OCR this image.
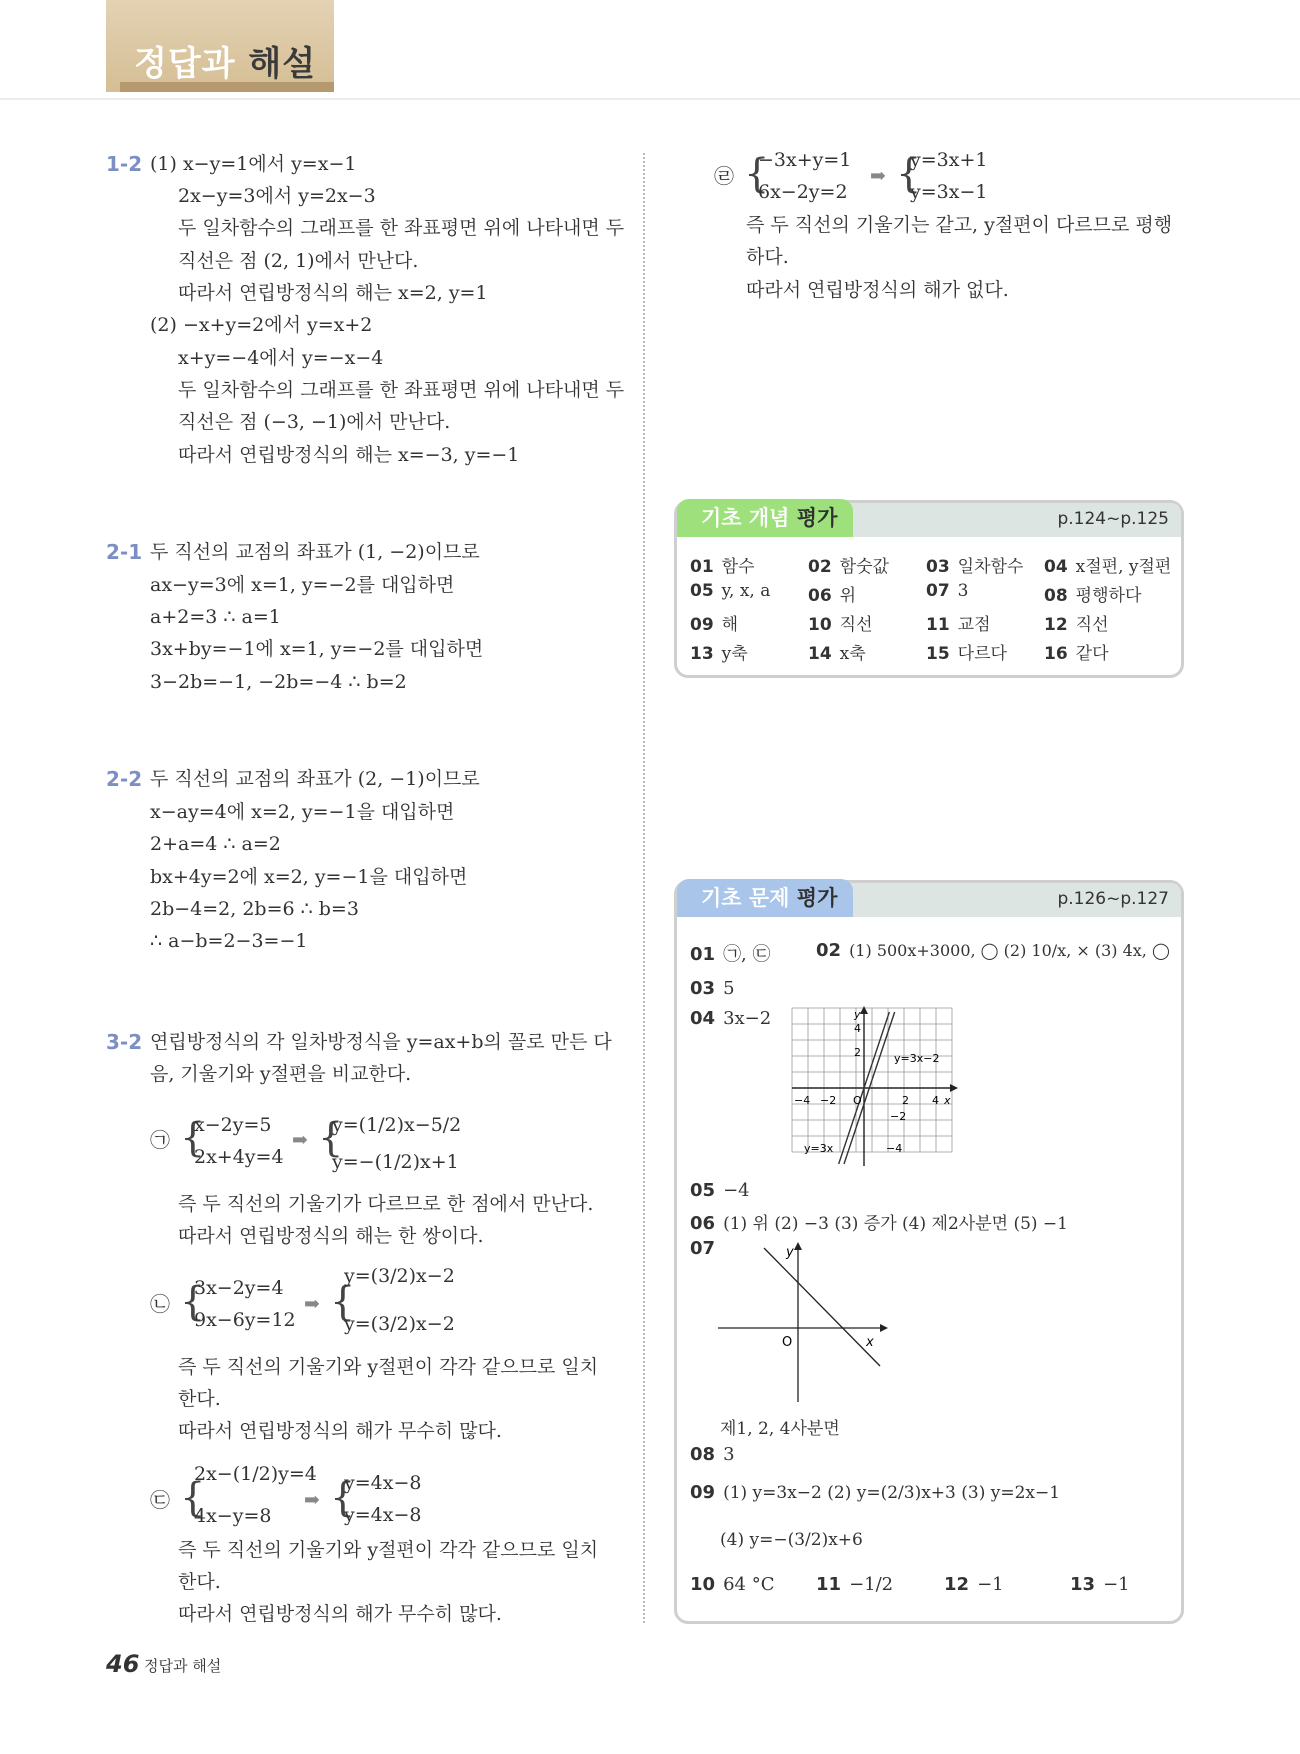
정답과 해설
1-2 (1) x−y=1에서 y=x−1
2x−y=3에서 y=2x−3
두 일차함수의 그래프를 한 좌표평면 위에 나타내면 두
직선은 점 (2, 1)에서 만난다.
따라서 연립방정식의 해는 x=2, y=1
(2) −x+y=2에서 y=x+2
x+y=−4에서 y=−x−4
두 일차함수의 그래프를 한 좌표평면 위에 나타내면 두
직선은 점 (−3, −1)에서 만난다.
따라서 연립방정식의 해는 x=−3, y=−1
2-1 두 직선의 교점의 좌표가 (1, −2)이므로
ax−y=3에 x=1, y=−2를 대입하면
a+2=3 ∴ a=1
3x+by=−1에 x=1, y=−2를 대입하면
3−2b=−1, −2b=−4 ∴ b=2
2-2 두 직선의 교점의 좌표가 (2, −1)이므로
x−ay=4에 x=2, y=−1을 대입하면
2+a=4 ∴ a=2
bx+4y=2에 x=2, y=−1을 대입하면
2b−4=2, 2b=6 ∴ b=3
∴ a−b=2−3=−1
3-2 연립방정식의 각 일차방정식을 y=ax+b의 꼴로 만든 다
음, 기울기와 y절편을 비교한다.
㉠ {
x−2y=5
2x+4y=4
➡ {
y=(1/2)x−5/2
y=−(1/2)x+1
즉 두 직선의 기울기가 다르므로 한 점에서 만난다.
따라서 연립방정식의 해는 한 쌍이다.
㉡ {
3x−2y=4
9x−6y=12
➡ {
y=(3/2)x−2
y=(3/2)x−2
즉 두 직선의 기울기와 y절편이 각각 같으므로 일치
한다.
따라서 연립방정식의 해가 무수히 많다.
㉢ {
2x−(1/2)y=4
4x−y=8
➡ {
y=4x−8
y=4x−8
즉 두 직선의 기울기와 y절편이 각각 같으므로 일치
한다.
따라서 연립방정식의 해가 무수히 많다.
㉣ {
−3x+y=1
6x−2y=2
➡ {
y=3x+1
y=3x−1
즉 두 직선의 기울기는 같고, y절편이 다르므로 평행
하다.
따라서 연립방정식의 해가 없다.
기초 개념 평가	p.124~p.125
01 함수	02 함숫값 03 일차함수 04 x절편, y절편
05 y, x, a 06 위	07 3	08 평행하다
09 해	10 직선	11 교점	12 직선
13 y축	14 x축	15 다르다 16 같다
기초 문제 평가	p.126~p.127
01 ㉠, ㉢	02 (1) 500x+3000, ◯ (2) 10/x, × (3) 4x, ◯
03 5
04 3x−2	y
4
2	y=3x−2
−4 −2 O	2 4 x
−2
−4
y=3x
05 −4
06 (1) 위 (2) −3 (3) 증가 (4) 제2사분면 (5) −1
07	y
O	x
제1, 2, 4사분면
08 3
09 (1) y=3x−2 (2) y=(2/3)x+3 (3) y=2x−1
(4) y=−(3/2)x+6
10 64 °C 11 −1/2	12 −1	13 −1
46 정답과 해설
